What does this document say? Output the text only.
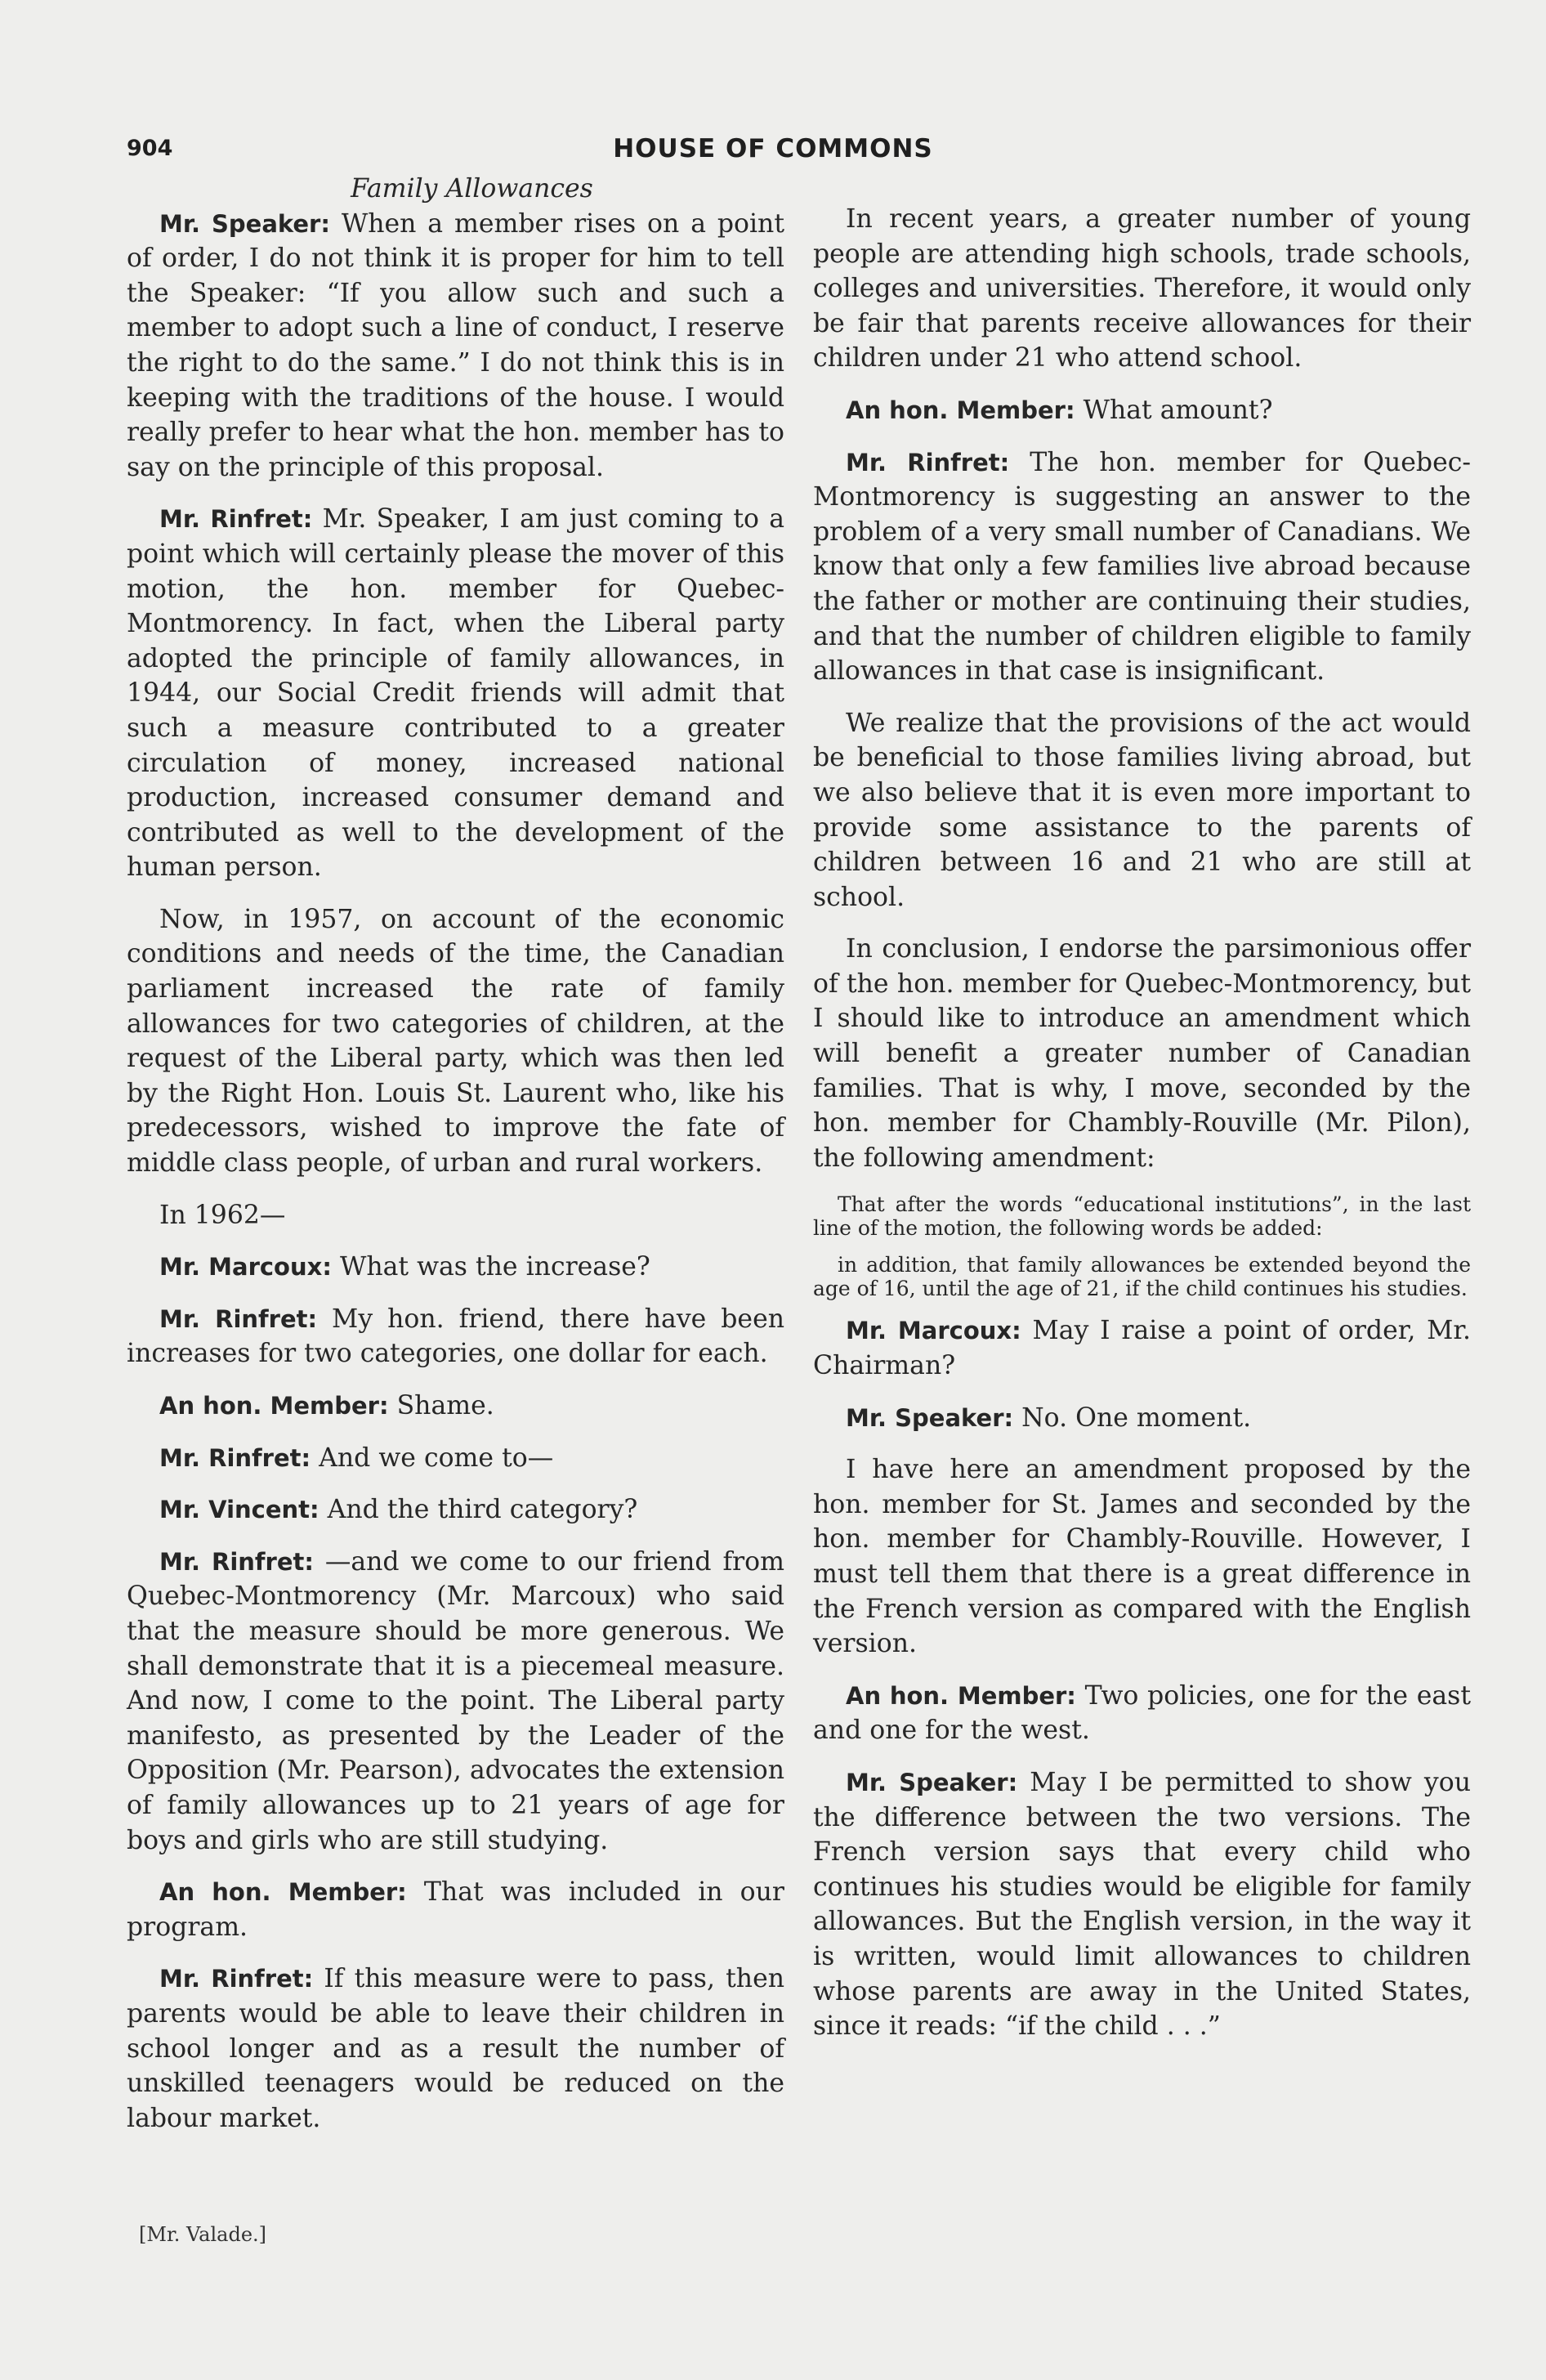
904	HOUSE OF COMMONS
Family Allowances

Mr. Speaker: When a member rises on a point of order, I do not think it is proper for him to tell the Speaker: “If you allow such and such a member to adopt such a line of conduct, I reserve the right to do the same.” I do not think this is in keeping with the traditions of the house. I would really prefer to hear what the hon. member has to say on the principle of this proposal.

Mr. Rinfret: Mr. Speaker, I am just coming to a point which will certainly please the mover of this motion, the hon. member for Quebec-Montmorency. In fact, when the Liberal party adopted the principle of family allowances, in 1944, our Social Credit friends will admit that such a measure contributed to a greater circulation of money, increased national production, increased consumer demand and contributed as well to the development of the human person.

Now, in 1957, on account of the economic conditions and needs of the time, the Canadian parliament increased the rate of family allowances for two categories of children, at the request of the Liberal party, which was then led by the Right Hon. Louis St. Laurent who, like his predecessors, wished to improve the fate of middle class people, of urban and rural workers.

In 1962—

Mr. Marcoux: What was the increase?

Mr. Rinfret: My hon. friend, there have been increases for two categories, one dollar for each.

An hon. Member: Shame.

Mr. Rinfret: And we come to—

Mr. Vincent: And the third category?

Mr. Rinfret: —and we come to our friend from Quebec-Montmorency (Mr. Marcoux) who said that the measure should be more generous. We shall demonstrate that it is a piecemeal measure. And now, I come to the point. The Liberal party manifesto, as presented by the Leader of the Opposition (Mr. Pearson), advocates the extension of family allowances up to 21 years of age for boys and girls who are still studying.

An hon. Member: That was included in our program.

Mr. Rinfret: If this measure were to pass, then parents would be able to leave their children in school longer and as a result the number of unskilled teenagers would be reduced on the labour market.

In recent years, a greater number of young people are attending high schools, trade schools, colleges and universities. Therefore, it would only be fair that parents receive allowances for their children under 21 who attend school.

An hon. Member: What amount?

Mr. Rinfret: The hon. member for Quebec-Montmorency is suggesting an answer to the problem of a very small number of Canadians. We know that only a few families live abroad because the father or mother are continuing their studies, and that the number of children eligible to family allowances in that case is insignificant.

We realize that the provisions of the act would be beneficial to those families living abroad, but we also believe that it is even more important to provide some assistance to the parents of children between 16 and 21 who are still at school.

In conclusion, I endorse the parsimonious offer of the hon. member for Quebec-Montmorency, but I should like to introduce an amendment which will benefit a greater number of Canadian families. That is why, I move, seconded by the hon. member for Chambly-Rouville (Mr. Pilon), the following amendment:

That after the words “educational institutions”, in the last line of the motion, the following words be added:
in addition, that family allowances be extended beyond the age of 16, until the age of 21, if the child continues his studies.

Mr. Marcoux: May I raise a point of order, Mr. Chairman?

Mr. Speaker: No. One moment.

I have here an amendment proposed by the hon. member for St. James and seconded by the hon. member for Chambly-Rouville. However, I must tell them that there is a great difference in the French version as compared with the English version.

An hon. Member: Two policies, one for the east and one for the west.

Mr. Speaker: May I be permitted to show you the difference between the two versions. The French version says that every child who continues his studies would be eligible for family allowances. But the English version, in the way it is written, would limit allowances to children whose parents are away in the United States, since it reads: “if the child . . .”

[Mr. Valade.]
